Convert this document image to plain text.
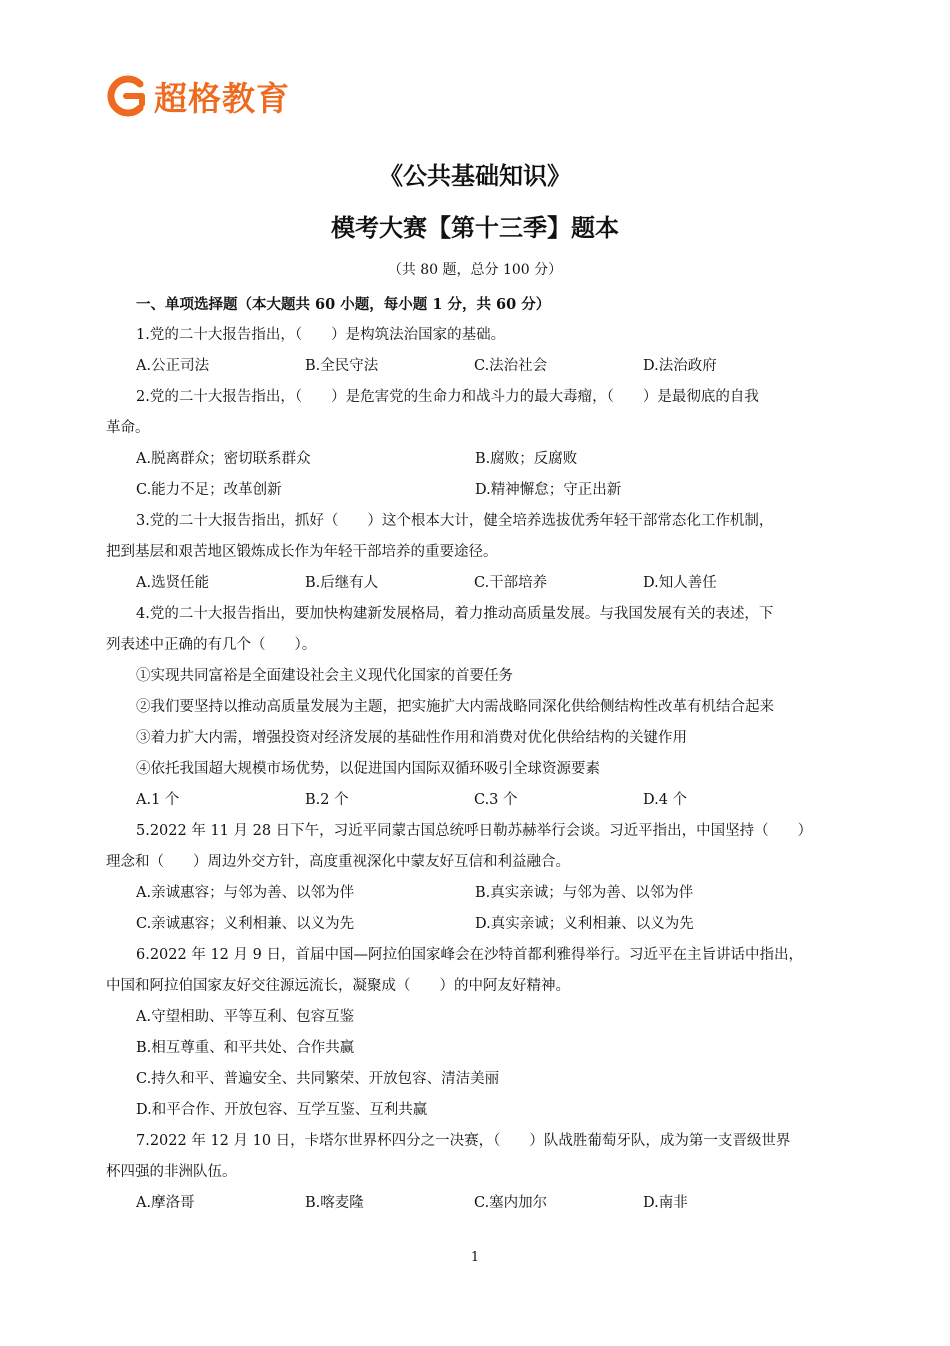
超格教育
《公共基础知识》
模考大赛【第十三季】题本
（共 80 题，总分 100 分）
一、单项选择题（本大题共 60 小题，每小题 1 分，共 60 分）
1.党的二十大报告指出，（　　）是构筑法治国家的基础。
A.公正司法	B.全民守法	C.法治社会	D.法治政府
2.党的二十大报告指出，（　　）是危害党的生命力和战斗力的最大毒瘤，（　　）是最彻底的自我
革命。
A.脱离群众；密切联系群众	B.腐败；反腐败
C.能力不足；改革创新	D.精神懈怠；守正出新
3.党的二十大报告指出，抓好（　　）这个根本大计，健全培养选拔优秀年轻干部常态化工作机制，
把到基层和艰苦地区锻炼成长作为年轻干部培养的重要途径。
A.选贤任能	B.后继有人	C.干部培养	D.知人善任
4.党的二十大报告指出，要加快构建新发展格局，着力推动高质量发展。与我国发展有关的表述，下
列表述中正确的有几个（　　）。
①实现共同富裕是全面建设社会主义现代化国家的首要任务
②我们要坚持以推动高质量发展为主题，把实施扩大内需战略同深化供给侧结构性改革有机结合起来
③着力扩大内需，增强投资对经济发展的基础性作用和消费对优化供给结构的关键作用
④依托我国超大规模市场优势，以促进国内国际双循环吸引全球资源要素
A.1 个	B.2 个	C.3 个	D.4 个
5.2022 年 11 月 28 日下午，习近平同蒙古国总统呼日勒苏赫举行会谈。习近平指出，中国坚持（　　）
理念和（　　）周边外交方针，高度重视深化中蒙友好互信和利益融合。
A.亲诚惠容；与邻为善、以邻为伴	B.真实亲诚；与邻为善、以邻为伴
C.亲诚惠容；义利相兼、以义为先	D.真实亲诚；义利相兼、以义为先
6.2022 年 12 月 9 日，首届中国—阿拉伯国家峰会在沙特首都利雅得举行。习近平在主旨讲话中指出，
中国和阿拉伯国家友好交往源远流长，凝聚成（　　）的中阿友好精神。
A.守望相助、平等互利、包容互鉴
B.相互尊重、和平共处、合作共赢
C.持久和平、普遍安全、共同繁荣、开放包容、清洁美丽
D.和平合作、开放包容、互学互鉴、互利共赢
7.2022 年 12 月 10 日，卡塔尔世界杯四分之一决赛，（　　）队战胜葡萄牙队，成为第一支晋级世界
杯四强的非洲队伍。
A.摩洛哥	B.喀麦隆	C.塞内加尔	D.南非
1
